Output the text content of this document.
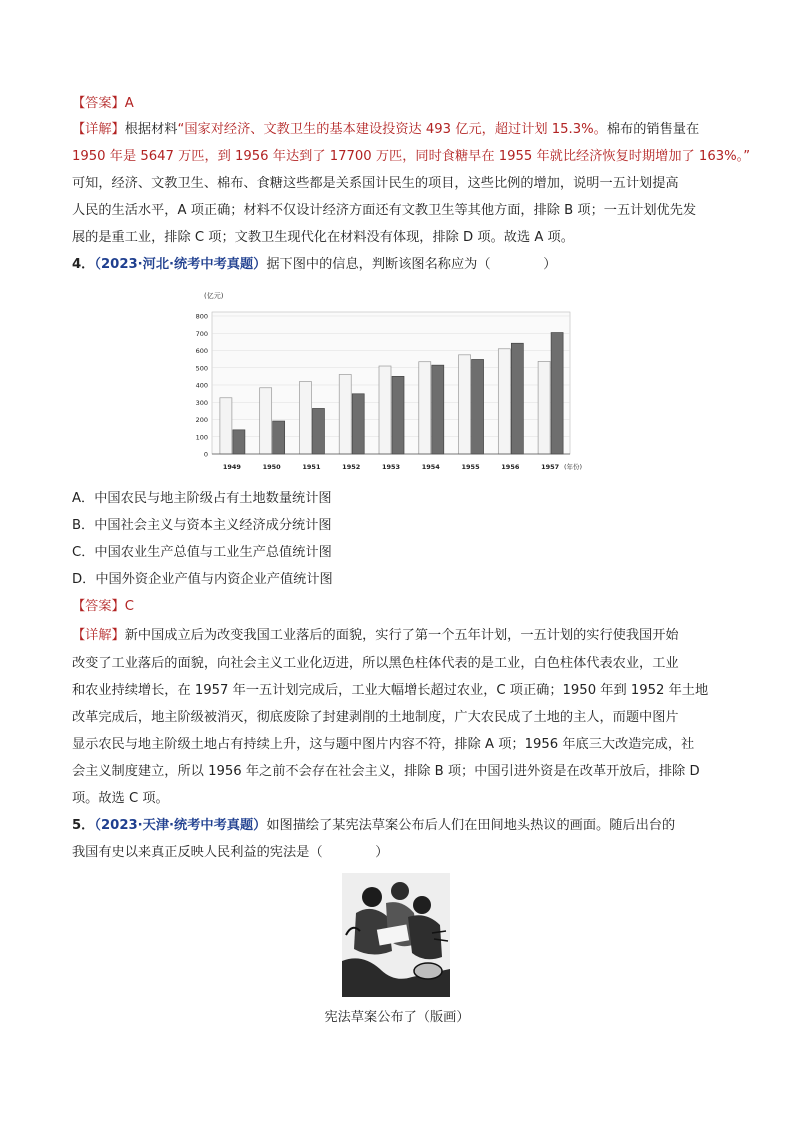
【答案】A
【详解】根据材料“国家对经济、文教卫生的基本建设投资达 493 亿元，超过计划 15.3%。棉布的销售量在
1950 年是 5647 万匹，到 1956 年达到了 17700 万匹，同时食糖早在 1955 年就比经济恢复时期增加了 163%。”
可知，经济、文教卫生、棉布、食糖这些都是关系国计民生的项目，这些比例的增加，说明一五计划提高
人民的生活水平，A 项正确；材料不仅设计经济方面还有文教卫生等其他方面，排除 B 项；一五计划优先发
展的是重工业，排除 C 项；文教卫生现代化在材料没有体现，排除 D 项。故选 A 项。
4．（2023·河北·统考中考真题）据下图中的信息，判断该图名称应为（　　　　）
(亿元)
0
100
200
300
400
500
600
700
800
1949	1950	1951	1952	1953	1954	1955	1956	1957 (年份)
A．中国农民与地主阶级占有土地数量统计图
B．中国社会主义与资本主义经济成分统计图
C．中国农业生产总值与工业生产总值统计图
D．中国外资企业产值与内资企业产值统计图
【答案】C
【详解】新中国成立后为改变我国工业落后的面貌，实行了第一个五年计划，一五计划的实行使我国开始
改变了工业落后的面貌，向社会主义工业化迈进，所以黑色柱体代表的是工业，白色柱体代表农业，工业
和农业持续增长，在 1957 年一五计划完成后，工业大幅增长超过农业，C 项正确；1950 年到 1952 年土地
改革完成后，地主阶级被消灭，彻底废除了封建剥削的土地制度，广大农民成了土地的主人，而题中图片
显示农民与地主阶级土地占有持续上升，这与题中图片内容不符，排除 A 项；1956 年底三大改造完成，社
会主义制度建立，所以 1956 年之前不会存在社会主义，排除 B 项；中国引进外资是在改革开放后，排除 D
项。故选 C 项。
5．（2023·天津·统考中考真题）如图描绘了某宪法草案公布后人们在田间地头热议的画面。随后出台的
我国有史以来真正反映人民利益的宪法是（　　　　）
宪法草案公布了（版画）
